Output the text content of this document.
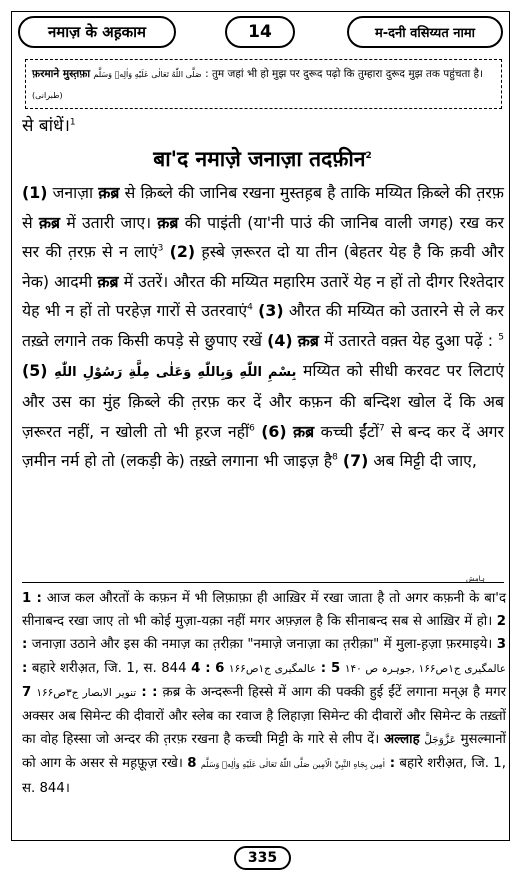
नमाज़ के अह़काम	14	म-दनी वसिय्यत नामा
फ़रमाने मुस्त़फ़ा صَلَّى اللّٰهُ تَعَالٰى عَلَيْهِ وَاٰلِهٖ وَسَلَّم : तुम जहां भी हो मुझ पर दुरूद पढ़ो कि तुम्हारा दुरूद मुझ तक पहुंचता है। (طبرانی)
से बांधें।$^1$
बा'द नमाज़े जनाज़ा तदफ़ीन$^2$
(1) जनाज़ा क़ब्र से क़िब्ले की जानिब रखना मुस्तह़ब है ताकि मय्यित क़िब्ले की त़रफ़ से क़ब्र में उतारी जाए। क़ब्र की पाइंती (या'नी पाउं की जानिब वाली जगह) रख कर सर की त़रफ़ से न लाएं$^3$ (2) ह़स्बे ज़रूरत दो या तीन (बेहतर येह है कि क़वी और नेक) आदमी क़ब्र में उतरें। औरत की मय्यित महारिम उतारें येह न हों तो दीगर रिश्तेदार येह भी न हों तो परहेज़ गारों से उतरवाएं$^4$ (3) औरत की मय्यित को उतारने से ले कर तख़्ते लगाने तक किसी कपड़े से छुपाए रखें (4) क़ब्र में उतारते वक़्त येह दुआ पढ़ें : $^5$ بِسْمِ اللّٰهِ وَبِاللّٰهِ وَعَلٰى مِلَّةِ رَسُوْلِ اللّٰهِ (5)	मय्यित को सीधी करवट पर लिटाएं और उस का मुंह क़िब्ले की त़रफ़ कर दें और कफ़न की बन्दिश खोल दें कि अब ज़रूरत नहीं, न खोली तो भी ह़रज नहीं$^6$ (6) क़ब्र कच्ची ईंटों$^7$ से बन्द कर दें अगर ज़मीन नर्म हो तो (लकड़ी के) तख़्ते लगाना भी जाइज़ है$^8$ (7) अब मिट्टी दी जाए,
ہامِش
1 : आज कल औरतों के कफ़न में भी लिफ़ाफ़ा ही आख़िर में रखा जाता है तो अगर कफ़नी के बा'द सीनाबन्द रखा जाए तो भी कोई मुज़ा-यक़ा नहीं मगर अफ़्ज़ल है कि सीनाबन्द सब से आख़िर में हो। 2 : जनाज़ा उठाने और इस की नमाज़ का त़रीक़ा "नमाज़े जनाज़ा का त़रीक़ा" में मुला-ह़ज़ा फ़रमाइये। 3 : बहारे शरीअ़त, जि. 1, स. 844 4 :	عالمگیری ج۱ص۱۶۶ ,جوہرہ ص ۱۴۰ 5 : عالمگیری ج۱ص۱۶۶ 6 : تنویر الابصار ج۳ص۱۶۶ 7 : क़ब्र के अन्दरूनी हिस्से में आग की पक्की हुई ईंटें लगाना मन्अ़ है मगर अक्सर अब सिमेन्ट की दीवारों और स्लेब का रवाज है लिहाज़ा सिमेन्ट की दीवारों और सिमेन्ट के तख़्तों का वोह हिस्सा जो अन्दर की त़रफ़ रखना है कच्ची मिट्टी के गारे से लीप दें। अल्लाह عَزَّوَجَلَّ मुसल्मानों को आग के असर से मह़फ़ूज़ रखे। اٰمِين بِجَاهِ النَّبِيِّ الْاَمِين صَلَّى اللّٰهُ تَعَالٰى عَلَيْهِ وَاٰلِهٖ وَسَلَّم 8 : बहारे शरीअ़त, जि. 1, स. 844।
335
